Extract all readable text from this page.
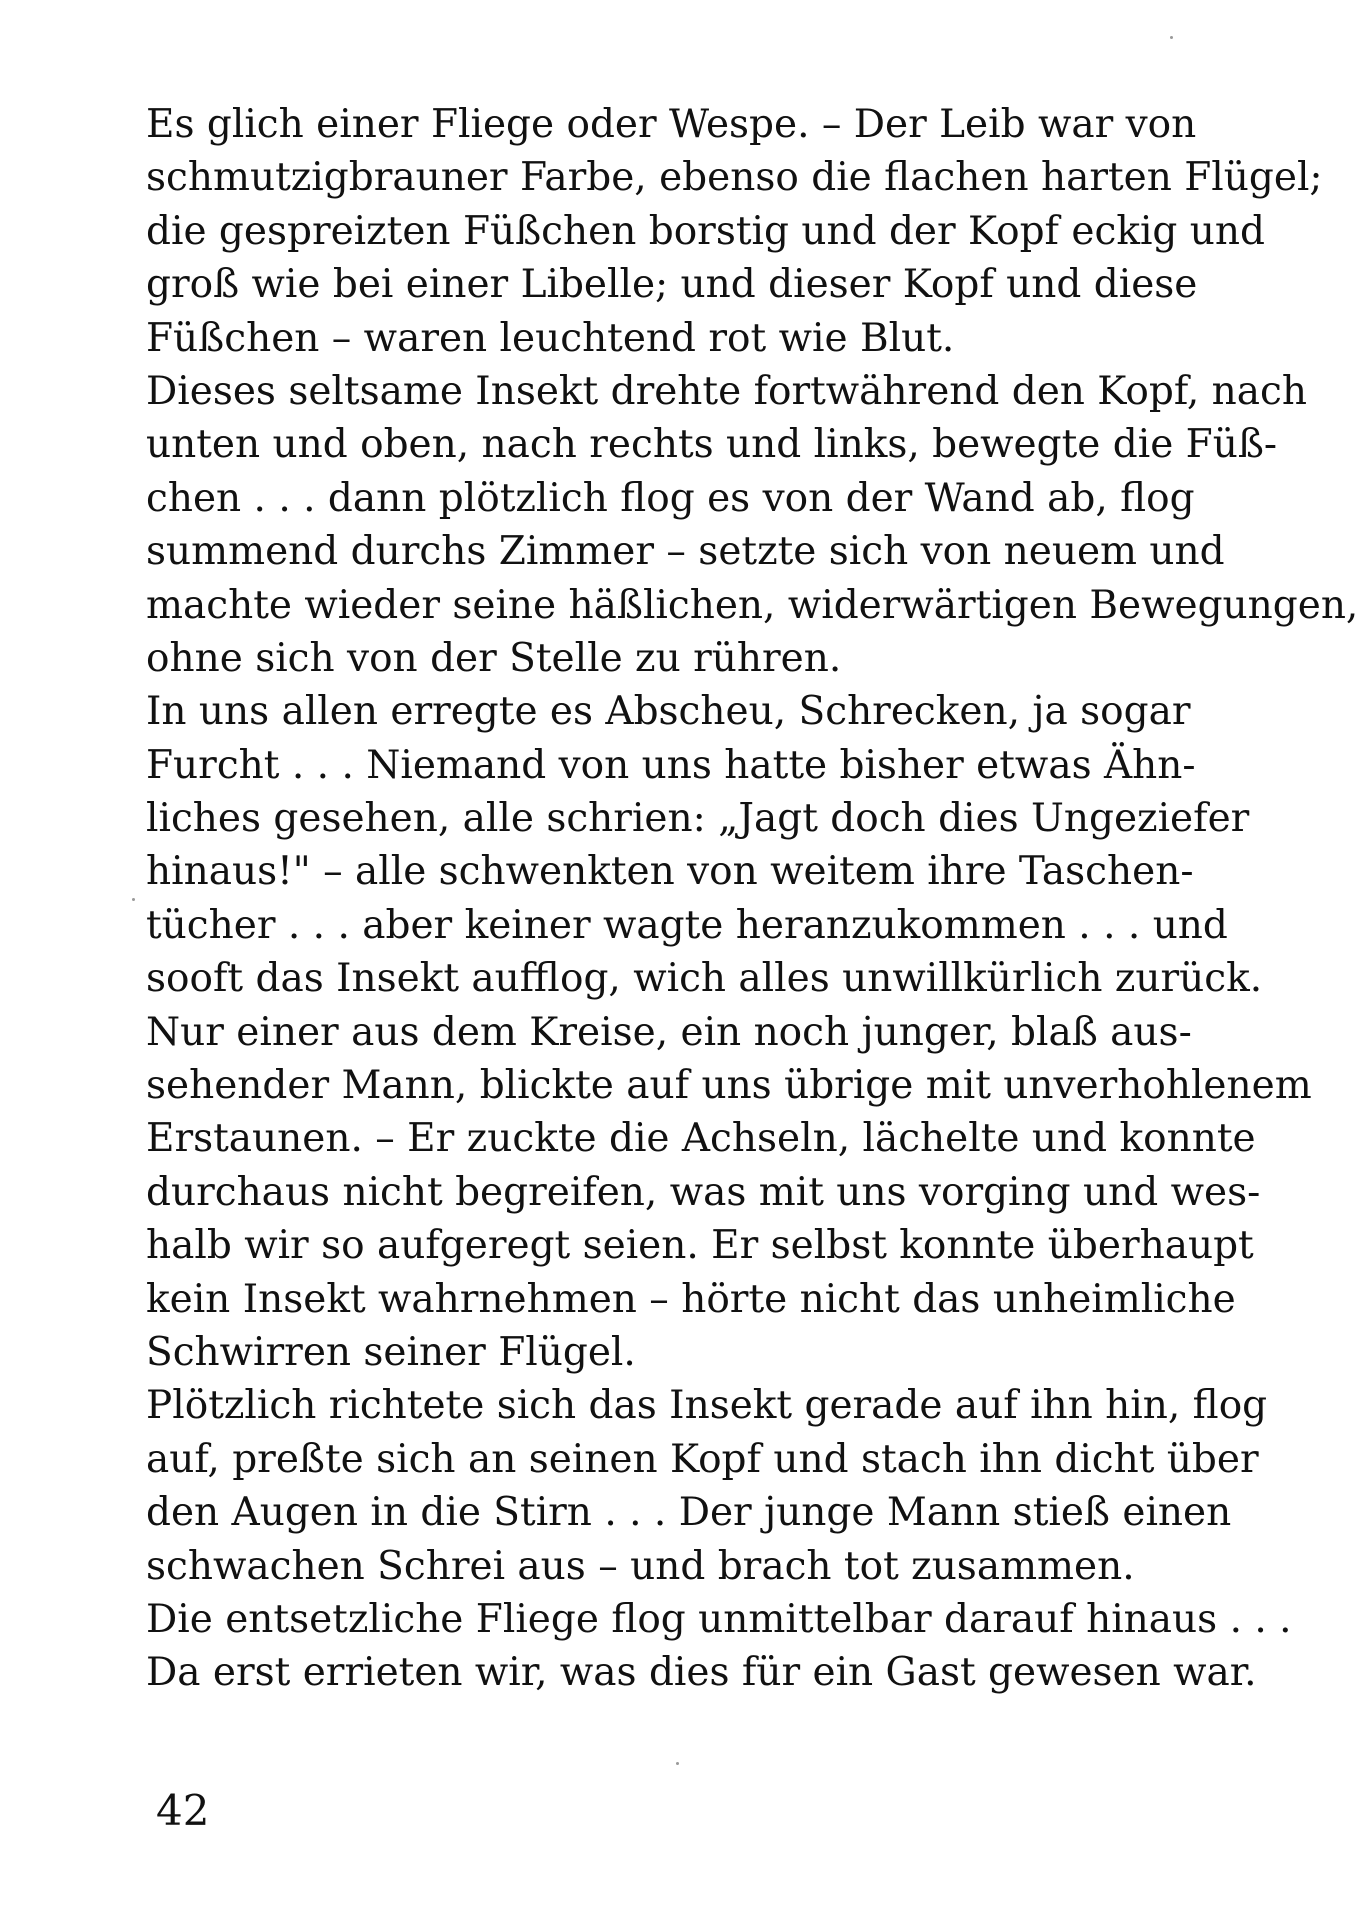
Es glich einer Fliege oder Wespe. – Der Leib war von
schmutzigbrauner Farbe, ebenso die flachen harten Flügel;
die gespreizten Füßchen borstig und der Kopf eckig und
groß wie bei einer Libelle; und dieser Kopf und diese
Füßchen – waren leuchtend rot wie Blut.
Dieses seltsame Insekt drehte fortwährend den Kopf, nach
unten und oben, nach rechts und links, bewegte die Füß-
chen . . . dann plötzlich flog es von der Wand ab, flog
summend durchs Zimmer – setzte sich von neuem und
machte wieder seine häßlichen, widerwärtigen Bewegungen,
ohne sich von der Stelle zu rühren.
In uns allen erregte es Abscheu, Schrecken, ja sogar
Furcht . . . Niemand von uns hatte bisher etwas Ähn-
liches gesehen, alle schrien: „Jagt doch dies Ungeziefer
hinaus!" – alle schwenkten von weitem ihre Taschen-
tücher . . . aber keiner wagte heranzukommen . . . und
sooft das Insekt aufflog, wich alles unwillkürlich zurück.
Nur einer aus dem Kreise, ein noch junger, blaß aus-
sehender Mann, blickte auf uns übrige mit unverhohlenem
Erstaunen. – Er zuckte die Achseln, lächelte und konnte
durchaus nicht begreifen, was mit uns vorging und wes-
halb wir so aufgeregt seien. Er selbst konnte überhaupt
kein Insekt wahrnehmen – hörte nicht das unheimliche
Schwirren seiner Flügel.
Plötzlich richtete sich das Insekt gerade auf ihn hin, flog
auf, preßte sich an seinen Kopf und stach ihn dicht über
den Augen in die Stirn . . . Der junge Mann stieß einen
schwachen Schrei aus – und brach tot zusammen.
Die entsetzliche Fliege flog unmittelbar darauf hinaus . . .
Da erst errieten wir, was dies für ein Gast gewesen war.
42
